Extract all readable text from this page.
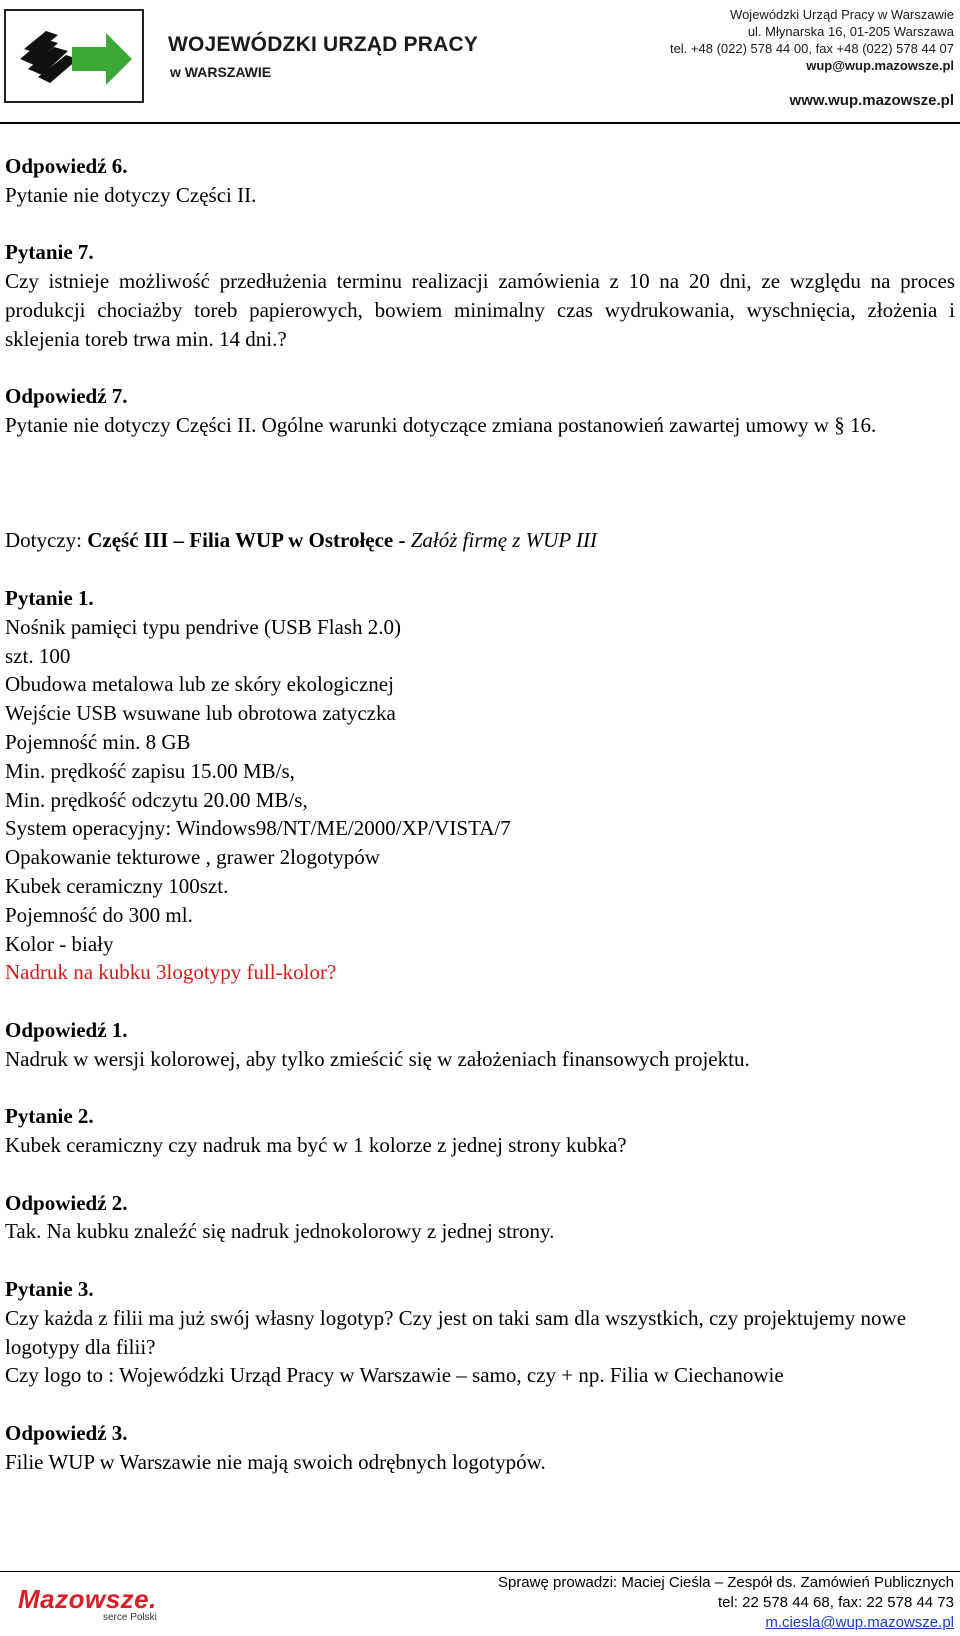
WOJEWÓDZKI URZĄD PRACY
w WARSZAWIE
Wojewódzki Urząd Pracy w Warszawie
ul. Młynarska 16, 01-205 Warszawa
tel. +48 (022) 578 44 00, fax +48 (022) 578 44 07
wup@wup.mazowsze.pl
www.wup.mazowsze.pl

Odpowiedź 6.

Pytanie nie dotyczy Części II.

Pytanie 7.

Czy istnieje możliwość przedłużenia terminu realizacji zamówienia z 10 na 20 dni, ze względu na proces produkcji chociażby toreb papierowych, bowiem minimalny czas wydrukowania, wyschnięcia, złożenia i sklejenia toreb trwa min. 14 dni.?

Odpowiedź 7.

Pytanie nie dotyczy Części II. Ogólne warunki dotyczące zmiana postanowień zawartej umowy w § 16.

Dotyczy: Część III – Filia WUP w Ostrołęce - Załóż firmę z WUP III

Pytanie 1.

Nośnik pamięci typu pendrive (USB Flash 2.0)

szt. 100

Obudowa metalowa lub ze skóry ekologicznej

Wejście USB wsuwane lub obrotowa zatyczka

Pojemność min. 8 GB

Min. prędkość zapisu 15.00 MB/s,

Min. prędkość odczytu 20.00 MB/s,

System operacyjny: Windows98/NT/ME/2000/XP/VISTA/7

Opakowanie tekturowe , grawer 2logotypów

Kubek ceramiczny 100szt.

Pojemność do 300 ml.

Kolor - biały

Nadruk na kubku 3logotypy full-kolor?

Odpowiedź 1.

Nadruk w wersji kolorowej, aby tylko zmieścić się w założeniach finansowych projektu.

Pytanie 2.

Kubek ceramiczny czy nadruk ma być w 1 kolorze z jednej strony kubka?

Odpowiedź 2.

Tak. Na kubku znaleźć się nadruk jednokolorowy z jednej strony.

Pytanie 3.

Czy każda z filii ma już swój własny logotyp? Czy jest on taki sam dla wszystkich, czy projektujemy nowe logotypy dla filii?

Czy logo to : Wojewódzki Urząd Pracy w Warszawie – samo, czy + np. Filia w Ciechanowie

Odpowiedź 3.

Filie WUP w Warszawie nie mają swoich odrębnych logotypów.

Mazowsze.
serce Polski
Sprawę prowadzi: Maciej Cieśla – Zespół ds. Zamówień Publicznych
tel: 22 578 44 68, fax: 22 578 44 73
m.ciesla@wup.mazowsze.pl
